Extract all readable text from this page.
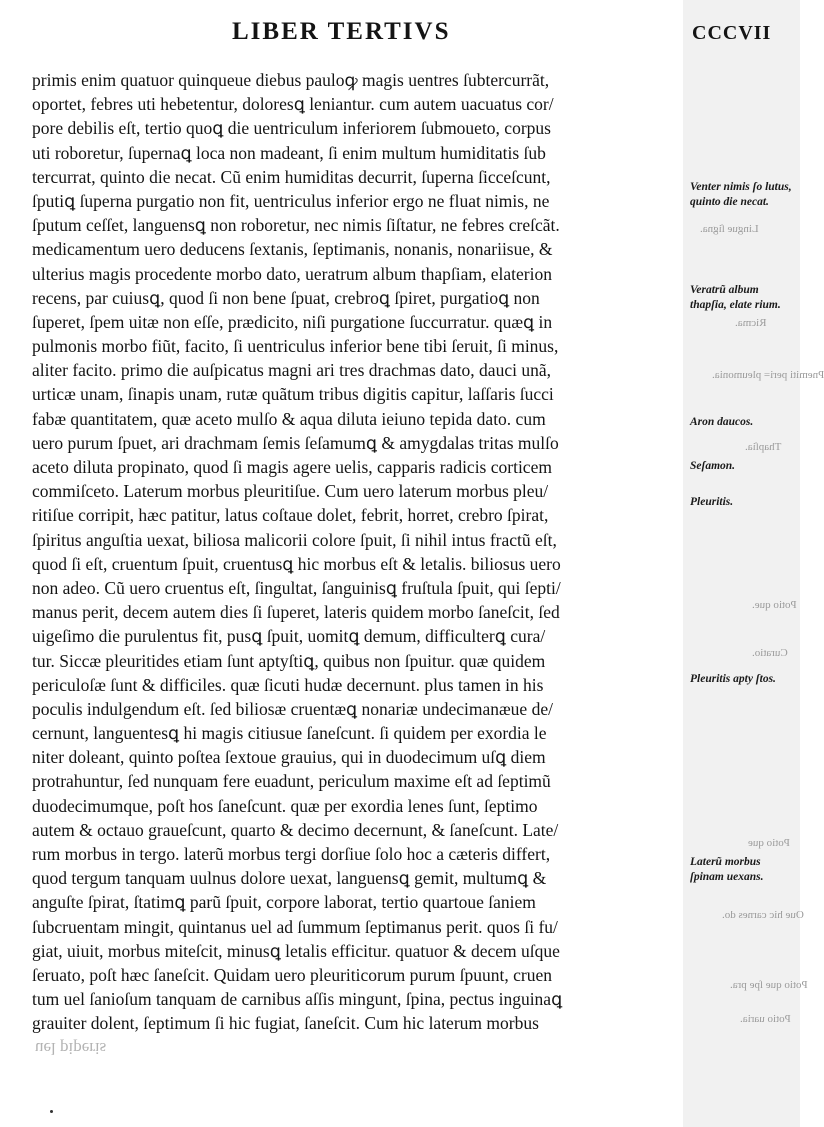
LIBER TERTIVS	CCCVII
primis enim quatuor quinqueue diebus pauloꝙ magis uentres ſubtercurrãt,
oportet, febres uti hebetentur, doloresꝗ leniantur. cum autem uacuatus cor/
pore debilis eſt, tertio quoꝗ die uentriculum inferiorem ſubmoueto, corpus
uti roboretur, ſupernaꝗ loca non madeant, ſi enim multum humiditatis ſub
tercurrat, quinto die necat. Cũ enim humiditas decurrit, ſuperna ſicceſcunt,
ſputiꝗ ſuperna purgatio non fit, uentriculus inferior ergo ne fluat nimis, ne
ſputum ceſſet, languensꝗ non roboretur, nec nimis ſiſtatur, ne febres creſcãt.
medicamentum uero deducens ſextanis, ſeptimanis, nonanis, nonariisue, &
ulterius magis procedente morbo dato, ueratrum album thapſiam, elaterion
recens, par cuiusꝗ, quod ſi non bene ſpuat, crebroꝗ ſpiret, purgatioꝗ non
ſuperet, ſpem uitæ non eſſe, prædicito, niſi purgatione ſuccurratur. quæꝗ in
pulmonis morbo fiũt, facito, ſi uentriculus inferior bene tibi ſeruit, ſi minus,
aliter facito. primo die auſpicatus magni ari tres drachmas dato, dauci unã,
urticæ unam, ſinapis unam, rutæ quãtum tribus digitis capitur, laſſaris ſucci
fabæ quantitatem, quæ aceto mulſo & aqua diluta ieiuno tepida dato. cum
uero purum ſpuet, ari drachmam ſemis ſeſamumꝗ & amygdalas tritas mulſo
aceto diluta propinato, quod ſi magis agere uelis, capparis radicis corticem
commiſceto. Laterum morbus pleuritiſue. Cum uero laterum morbus pleu/
ritiſue corripit, hæc patitur, latus coſtaue dolet, febrit, horret, crebro ſpirat,
ſpiritus anguſtia uexat, biliosa malicorii colore ſpuit, ſi nihil intus fractũ eſt,
quod ſi eſt, cruentum ſpuit, cruentusꝗ hic morbus eſt & letalis. biliosus uero
non adeo. Cũ uero cruentus eſt, ſingultat, ſanguinisꝗ fruſtula ſpuit, qui ſepti/
manus perit, decem autem dies ſi ſuperet, lateris quidem morbo ſaneſcit, ſed
uigeſimo die purulentus fit, pusꝗ ſpuit, uomitꝗ demum, difficulterꝗ cura/
tur. Siccæ pleuritides etiam ſunt aptyſtiꝗ, quibus non ſpuitur. quæ quidem
periculoſæ ſunt & difficiles. quæ ſicuti hudæ decernunt. plus tamen in his
poculis indulgendum eſt. ſed biliosæ cruentæꝗ nonariæ undecimanæue de/
cernunt, languentesꝗ hi magis citiusue ſaneſcunt. ſi quidem per exordia le
niter doleant, quinto poſtea ſextoue grauius, qui in duodecimum uſꝗ diem
protrahuntur, ſed nunquam fere euadunt, periculum maxime eſt ad ſeptimũ
duodecimumque, poſt hos ſaneſcunt. quæ per exordia lenes ſunt, ſeptimo
autem & octauo graueſcunt, quarto & decimo decernunt, & ſaneſcunt. Late/
rum morbus in tergo. laterũ morbus tergi dorſiue ſolo hoc a cæteris differt,
quod tergum tanquam uulnus dolore uexat, languensꝗ gemit, multumꝗ &
anguſte ſpirat, ſtatimꝗ parũ ſpuit, corpore laborat, tertio quartoue ſaniem
ſubcruentam mingit, quintanus uel ad ſummum ſeptimanus perit. quos ſi fu/
giat, uiuit, morbus miteſcit, minusꝗ letalis efficitur. quatuor & decem uſque
ſeruato, poſt hæc ſaneſcit. Quidam uero pleuriticorum purum ſpuunt, cruen
tum uel ſanioſum tanquam de carnibus aſſis mingunt, ſpina, pectus inguinaꝗ
grauiter dolent, ſeptimum ſi hic fugiat, ſaneſcit. Cum hic laterum morbus
Venter nimis ſo lutus, quinto die necat.
Veratrũ album thapſia, elate rium.
Aron daucos.
Seſamon.
Pleuritis.
Pleuritis apty ſtos.
Laterũ morbus ſpinam uexans.
Lingue ſigna.
Ricma.
Pnemiti peri= pleumonia.
Thapſia.
Potio que.
Curatio.
Potio que
Oue hic carnes do.
Potio que ſpe pra.
Potio uaria.
uel piperis
